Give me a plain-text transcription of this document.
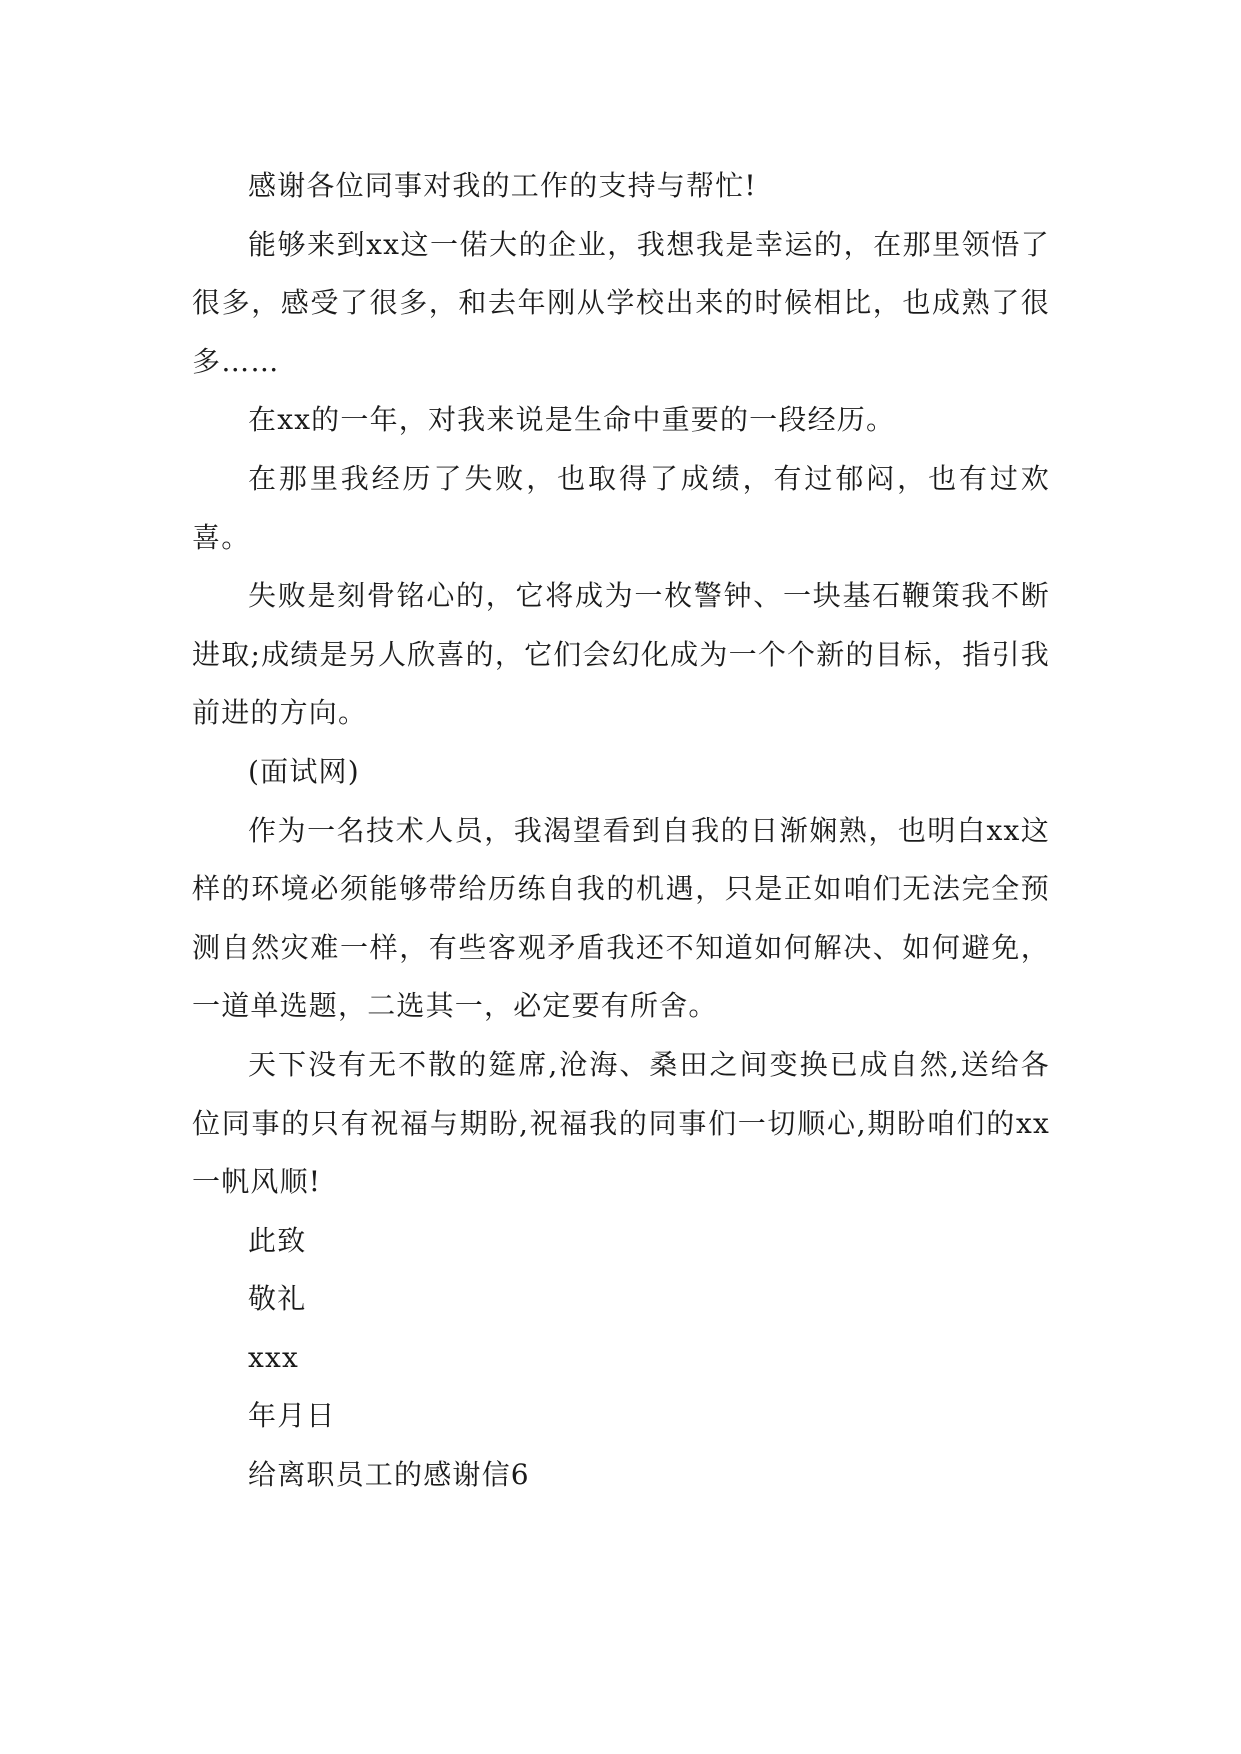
感谢各位同事对我的工作的支持与帮忙!

能够来到xx这一偌大的企业，我想我是幸运的，在那里领悟了很多，感受了很多，和去年刚从学校出来的时候相比，也成熟了很多……

在xx的一年，对我来说是生命中重要的一段经历。

在那里我经历了失败，也取得了成绩，有过郁闷，也有过欢喜。

失败是刻骨铭心的，它将成为一枚警钟、一块基石鞭策我不断进取;成绩是另人欣喜的，它们会幻化成为一个个新的目标，指引我前进的方向。

(面试网)

作为一名技术人员，我渴望看到自我的日渐娴熟，也明白xx这样的环境必须能够带给历练自我的机遇，只是正如咱们无法完全预测自然灾难一样，有些客观矛盾我还不知道如何解决、如何避免，一道单选题，二选其一，必定要有所舍。

天下没有无不散的筵席,沧海、桑田之间变换已成自然,送给各位同事的只有祝福与期盼,祝福我的同事们一切顺心,期盼咱们的xx一帆风顺!

此致

敬礼

xxx

年月日

给离职员工的感谢信6
